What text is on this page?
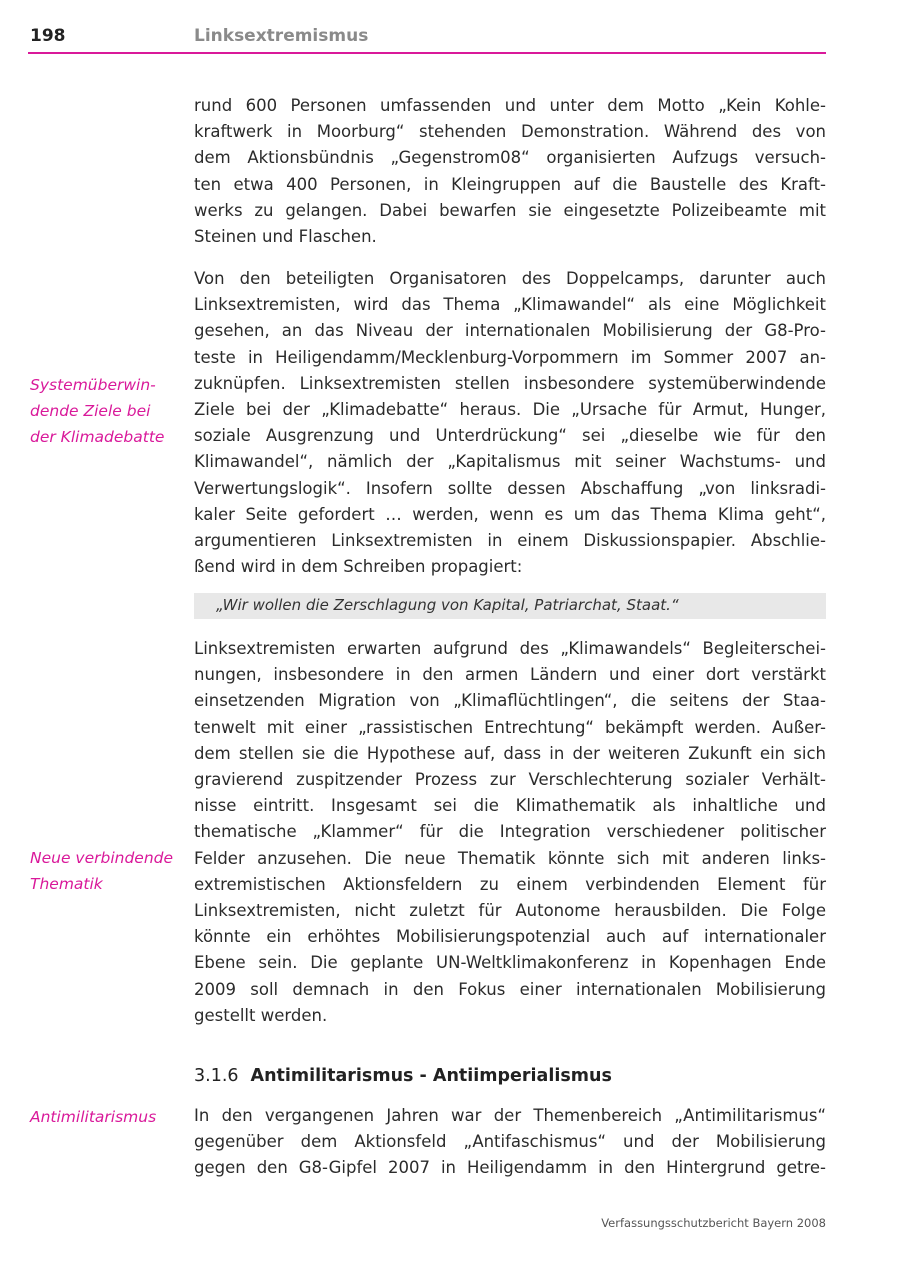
198	Linksextremismus
Systemüberwin-
dende Ziele bei
der Klimadebatte
Neue verbindende
Thematik
Antimilitarismus
rund 600 Personen umfassenden und unter dem Motto „Kein Kohle-
kraftwerk in Moorburg“ stehenden Demonstration. Während des von
dem Aktionsbündnis „Gegenstrom08“ organisierten Aufzugs versuch-
ten etwa 400 Personen, in Kleingruppen auf die Baustelle des Kraft-
werks zu gelangen. Dabei bewarfen sie eingesetzte Polizeibeamte mit
Steinen und Flaschen.
Von den beteiligten Organisatoren des Doppelcamps, darunter auch
Linksextremisten, wird das Thema „Klimawandel“ als eine Möglichkeit
gesehen, an das Niveau der internationalen Mobilisierung der G8-Pro-
teste in Heiligendamm/Mecklenburg-Vorpommern im Sommer 2007 an-
zuknüpfen. Linksextremisten stellen insbesondere systemüberwindende
Ziele bei der „Klimadebatte“ heraus. Die „Ursache für Armut, Hunger,
soziale Ausgrenzung und Unterdrückung“ sei „dieselbe wie für den
Klimawandel“, nämlich der „Kapitalismus mit seiner Wachstums- und
Verwertungslogik“. Insofern sollte dessen Abschaffung „von linksradi-
kaler Seite gefordert … werden, wenn es um das Thema Klima geht“,
argumentieren Linksextremisten in einem Diskussionspapier. Abschlie-
ßend wird in dem Schreiben propagiert:
„Wir wollen die Zerschlagung von Kapital, Patriarchat, Staat.“
Linksextremisten erwarten aufgrund des „Klimawandels“ Begleiterschei-
nungen, insbesondere in den armen Ländern und einer dort verstärkt
einsetzenden Migration von „Klimaflüchtlingen“, die seitens der Staa-
tenwelt mit einer „rassistischen Entrechtung“ bekämpft werden. Außer-
dem stellen sie die Hypothese auf, dass in der weiteren Zukunft ein sich
gravierend zuspitzender Prozess zur Verschlechterung sozialer Verhält-
nisse eintritt. Insgesamt sei die Klimathematik als inhaltliche und
thematische „Klammer“ für die Integration verschiedener politischer
Felder anzusehen. Die neue Thematik könnte sich mit anderen links-
extremistischen Aktionsfeldern zu einem verbindenden Element für
Linksextremisten, nicht zuletzt für Autonome herausbilden. Die Folge
könnte ein erhöhtes Mobilisierungspotenzial auch auf internationaler
Ebene sein. Die geplante UN-Weltklimakonferenz in Kopenhagen Ende
2009 soll demnach in den Fokus einer internationalen Mobilisierung
gestellt werden.
3.1.6 Antimilitarismus - Antiimperialismus
In den vergangenen Jahren war der Themenbereich „Antimilitarismus“
gegenüber dem Aktionsfeld „Antifaschismus“ und der Mobilisierung
gegen den G8-Gipfel 2007 in Heiligendamm in den Hintergrund getre-
Verfassungsschutzbericht Bayern 2008
